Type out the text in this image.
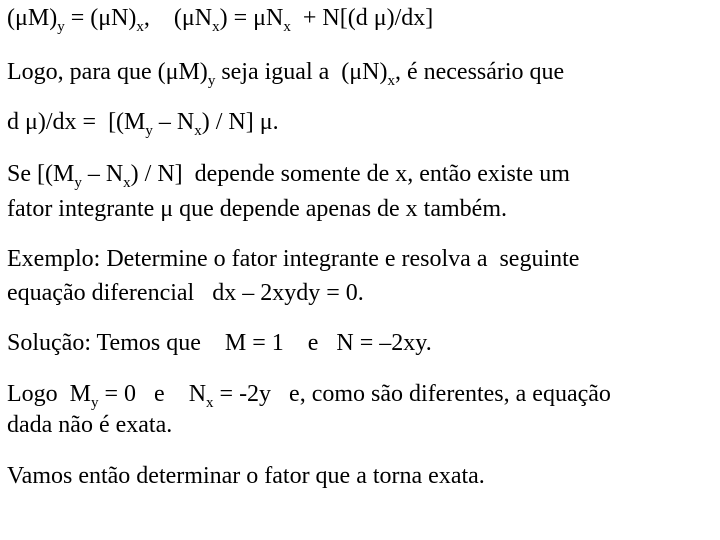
$(\mu M)_y = (\mu N)_x$,    $(\mu N_x) = \mu N_x + N[(d$ μ)/dx]
Logo, para que $(\mu M)_y$ seja igual a  $(\mu N)_x$, é necessário que
d $\mu)/dx = [(M_y - N_x) / N]$ μ.
Se $[(M_y - N_x) / N]$  depende somente de x, então existe um
fator integrante μ que depende apenas de x também.
Exemplo: Determine o fator integrante e resolva a  seguinte
equação diferencial   dx – 2xydy = 0.
Solução: Temos que    M = 1    e   N = –2xy.
Logo  $M_y = 0$   e    $N_x = -2y$   e, como são diferentes, a equação
dada não é exata.
Vamos então determinar o fator que a torna exata.
